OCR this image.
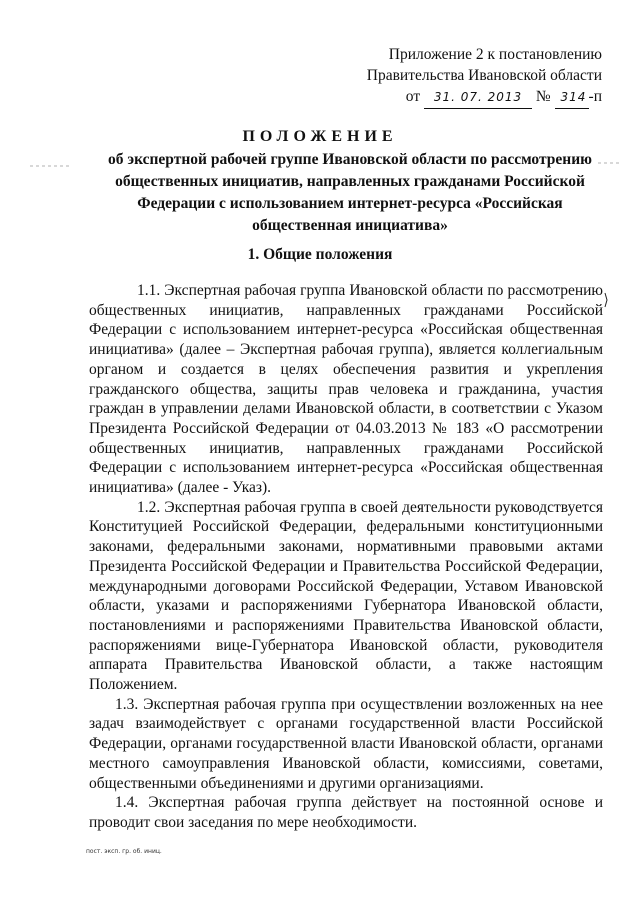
Приложение 2 к постановлению
Правительства Ивановской области
от 31. 07. 2013 № 314 -п
ПОЛОЖЕНИЕ
об экспертной рабочей группе Ивановской области по рассмотрению общественных инициатив, направленных гражданами Российской Федерации с использованием интернет-ресурса «Российская общественная инициатива»
1. Общие положения

1.1. Экспертная рабочая группа Ивановской области по рассмотрению общественных инициатив, направленных гражданами Российской Федерации с использованием интернет-ресурса «Российская общественная инициатива» (далее – Экспертная рабочая группа), является коллегиальным органом и создается в целях обеспечения развития и укрепления гражданского общества, защиты прав человека и гражданина, участия граждан в управлении делами Ивановской области, в соответствии с Указом Президента Российской Федерации от 04.03.2013 № 183 «О рассмотрении общественных инициатив, направленных гражданами Российской Федерации с использованием интернет-ресурса «Российская общественная инициатива» (далее - Указ).

1.2. Экспертная рабочая группа в своей деятельности руководствуется Конституцией Российской Федерации, федеральными конституционными законами, федеральными законами, нормативными правовыми актами Президента Российской Федерации и Правительства Российской Федерации, международными договорами Российской Федерации, Уставом Ивановской области, указами и распоряжениями Губернатора Ивановской области, постановлениями и распоряжениями Правительства Ивановской области, распоряжениями вице-Губернатора Ивановской области, руководителя аппарата Правительства Ивановской области, а также настоящим Положением.

1.3. Экспертная рабочая группа при осуществлении возложенных на нее задач взаимодействует с органами государственной власти Российской Федерации, органами государственной власти Ивановской области, органами местного самоуправления Ивановской области, комиссиями, советами, общественными объединениями и другими организациями.

1.4. Экспертная рабочая группа действует на постоянной основе и проводит свои заседания по мере необходимости.

пост. эксп. гр. об. иниц.
